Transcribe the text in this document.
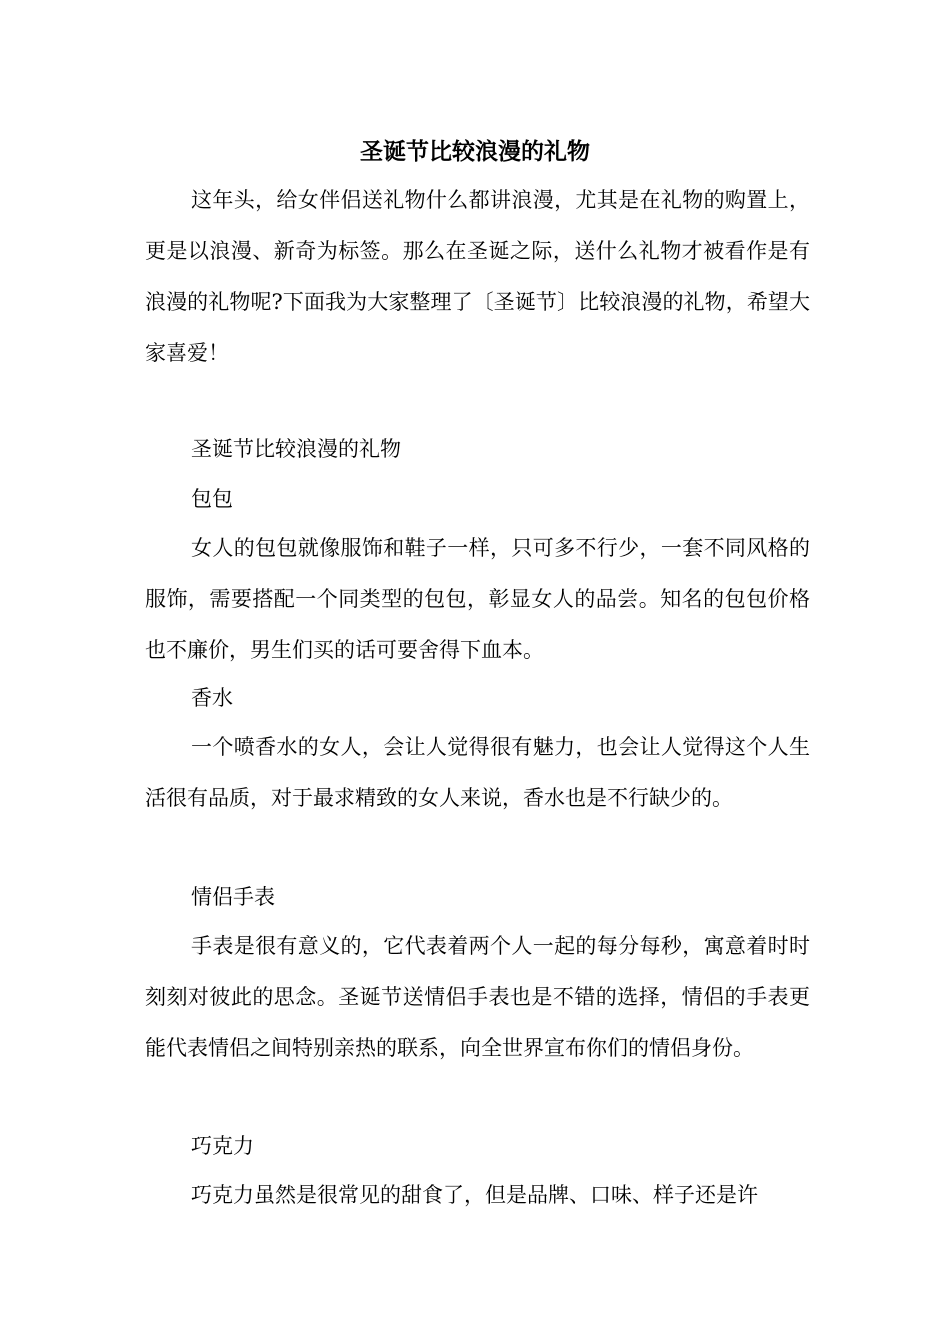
圣诞节比较浪漫的礼物

这年头，给女伴侣送礼物什么都讲浪漫，尤其是在礼物的购置上，更是以浪漫、新奇为标签。那么在圣诞之际，送什么礼物才被看作是有浪漫的礼物呢?下面我为大家整理了〔圣诞节〕比较浪漫的礼物，希望大家喜爱！

圣诞节比较浪漫的礼物

包包

女人的包包就像服饰和鞋子一样，只可多不行少，一套不同风格的服饰，需要搭配一个同类型的包包，彰显女人的品尝。知名的包包价格也不廉价，男生们买的话可要舍得下血本。

香水

一个喷香水的女人，会让人觉得很有魅力，也会让人觉得这个人生活很有品质，对于最求精致的女人来说，香水也是不行缺少的。

情侣手表

手表是很有意义的，它代表着两个人一起的每分每秒，寓意着时时刻刻对彼此的思念。圣诞节送情侣手表也是不错的选择，情侣的手表更能代表情侣之间特别亲热的联系，向全世界宣布你们的情侣身份。

巧克力

巧克力虽然是很常见的甜食了，但是品牌、口味、样子还是许
